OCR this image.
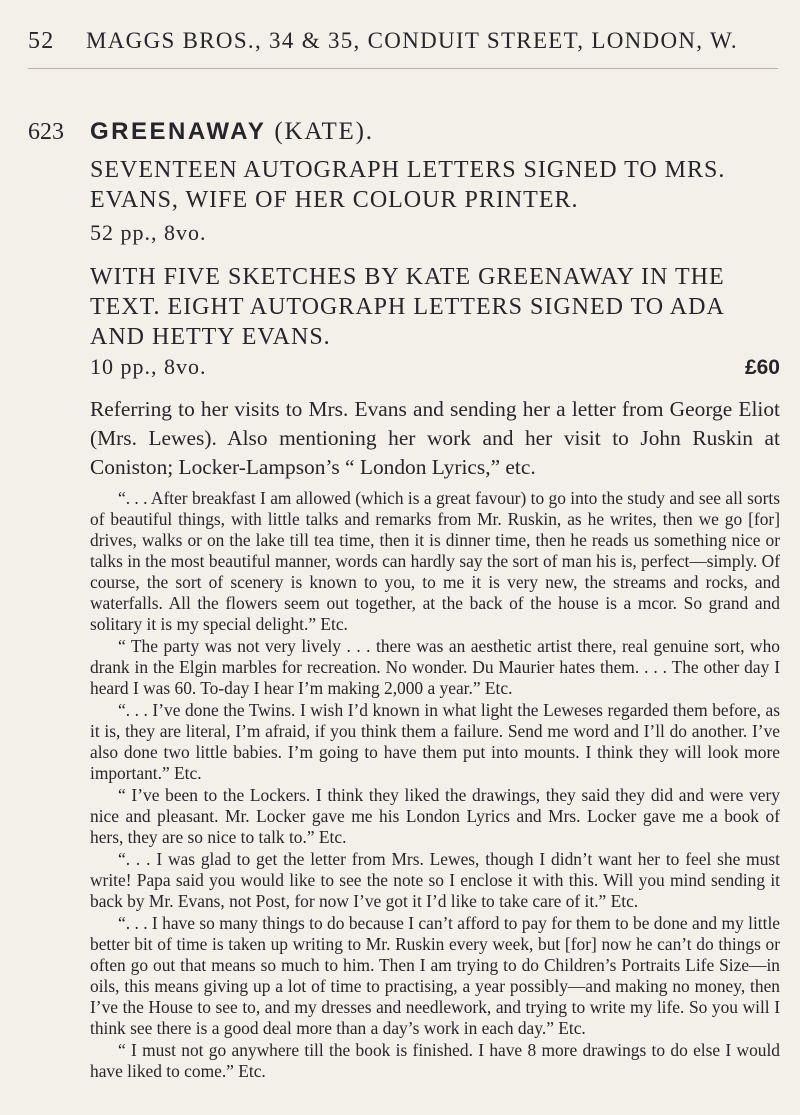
52	MAGGS BROS., 34 & 35, CONDUIT STREET, LONDON, W.
623	GREENAWAY (KATE).
SEVENTEEN AUTOGRAPH LETTERS SIGNED TO MRS. EVANS, WIFE OF HER COLOUR PRINTER.
52 pp., 8vo.
WITH FIVE SKETCHES BY KATE GREENAWAY IN THE TEXT. EIGHT AUTOGRAPH LETTERS SIGNED TO ADA AND HETTY EVANS.
10 pp., 8vo.	£60
Referring to her visits to Mrs. Evans and sending her a letter from George Eliot (Mrs. Lewes). Also mentioning her work and her visit to John Ruskin at Coniston; Locker-Lampson’s “ London Lyrics,” etc.

“. . . After breakfast I am allowed (which is a great favour) to go into the study and see all sorts of beautiful things, with little talks and remarks from Mr. Ruskin, as he writes, then we go [for] drives, walks or on the lake till tea time, then it is dinner time, then he reads us something nice or talks in the most beautiful manner, words can hardly say the sort of man his is, perfect—simply. Of course, the sort of scenery is known to you, to me it is very new, the streams and rocks, and waterfalls. All the flowers seem out together, at the back of the house is a mcor. So grand and solitary it is my special delight.” Etc.

“ The party was not very lively . . . there was an aesthetic artist there, real genuine sort, who drank in the Elgin marbles for recreation. No wonder. Du Maurier hates them. . . . The other day I heard I was 60. To-day I hear I’m making 2,000 a year.” Etc.

“. . . I’ve done the Twins. I wish I’d known in what light the Leweses regarded them before, as it is, they are literal, I’m afraid, if you think them a failure. Send me word and I’ll do another. I’ve also done two little babies. I’m going to have them put into mounts. I think they will look more important.” Etc.

“ I’ve been to the Lockers. I think they liked the drawings, they said they did and were very nice and pleasant. Mr. Locker gave me his London Lyrics and Mrs. Locker gave me a book of hers, they are so nice to talk to.” Etc.

“. . . I was glad to get the letter from Mrs. Lewes, though I didn’t want her to feel she must write! Papa said you would like to see the note so I enclose it with this. Will you mind sending it back by Mr. Evans, not Post, for now I’ve got it I’d like to take care of it.” Etc.

“. . . I have so many things to do because I can’t afford to pay for them to be done and my little better bit of time is taken up writing to Mr. Ruskin every week, but [for] now he can’t do things or often go out that means so much to him. Then I am trying to do Children’s Portraits Life Size—in oils, this means giving up a lot of time to practising, a year possibly—and making no money, then I’ve the House to see to, and my dresses and needlework, and trying to write my life. So you will I think see there is a good deal more than a day’s work in each day.” Etc.

“ I must not go anywhere till the book is finished. I have 8 more drawings to do else I would have liked to come.” Etc.
